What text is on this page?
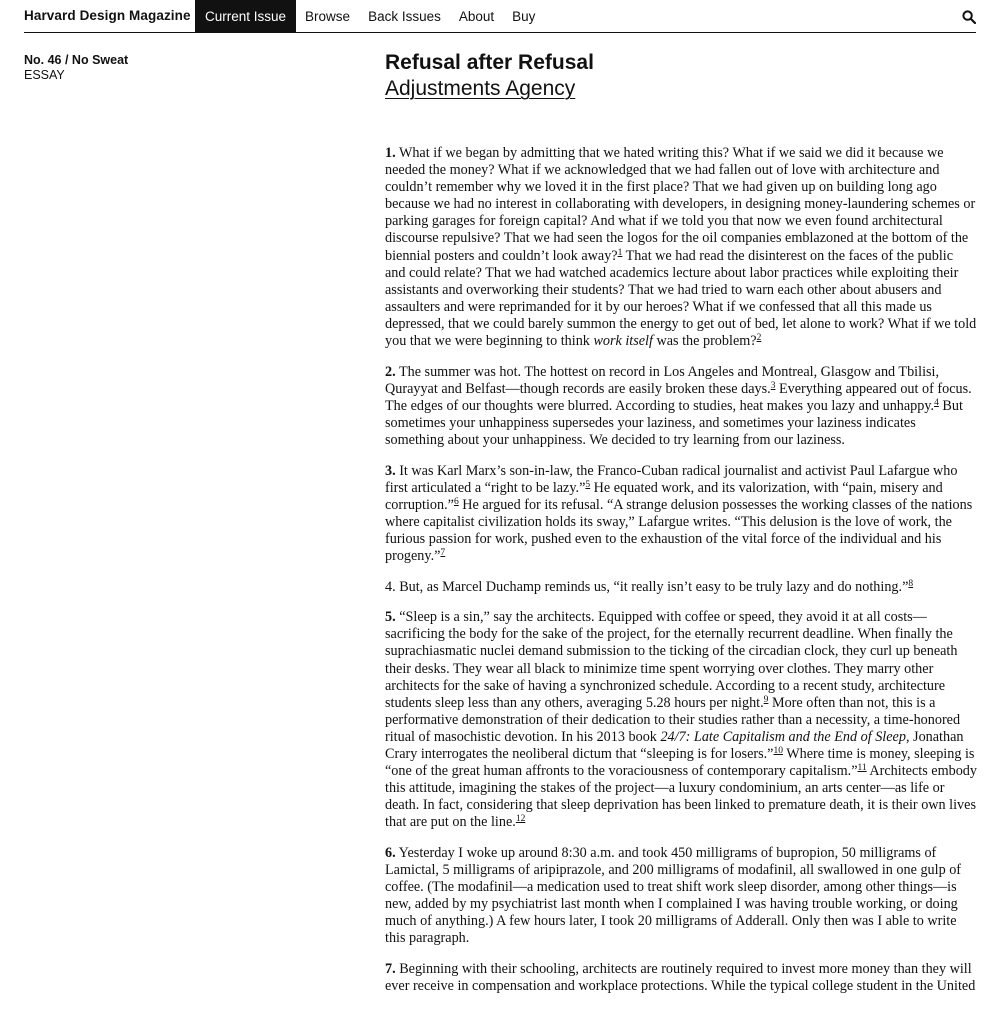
Harvard Design Magazine	Current Issue	Browse	Back Issues	About	Buy
No. 46 / No Sweat
ESSAY
Refusal after Refusal
Adjustments Agency

1. What if we began by admitting that we hated writing this? What if we said we did it because we needed the money? What if we acknowledged that we had fallen out of love with architecture and couldn’t remember why we loved it in the first place? That we had given up on building long ago because we had no interest in collaborating with developers, in designing money-laundering schemes or parking garages for foreign capital? And what if we told you that now we even found architectural discourse repulsive? That we had seen the logos for the oil companies emblazoned at the bottom of the biennial posters and couldn’t look away?$^1$ That we had read the disinterest on the faces of the public and could relate? That we had watched academics lecture about labor practices while exploiting their assistants and overworking their students? That we had tried to warn each other about abusers and assaulters and were reprimanded for it by our heroes? What if we confessed that all this made us depressed, that we could barely summon the energy to get out of bed, let alone to work? What if we told you that we were beginning to think work itself was the problem?$^2$

2. The summer was hot. The hottest on record in Los Angeles and Montreal, Glasgow and Tbilisi, Qurayyat and Belfast—though records are easily broken these days.$^3$ Everything appeared out of focus. The edges of our thoughts were blurred. According to studies, heat makes you lazy and unhappy.$^4$ But sometimes your unhappiness supersedes your laziness, and sometimes your laziness indicates something about your unhappiness. We decided to try learning from our laziness.

3. It was Karl Marx’s son-in-law, the Franco-Cuban radical journalist and activist Paul Lafargue who first articulated a “right to be lazy.”$^5$ He equated work, and its valorization, with “pain, misery and corruption.”$^6$ He argued for its refusal. “A strange delusion possesses the working classes of the nations where capitalist civilization holds its sway,” Lafargue writes. “This delusion is the love of work, the furious passion for work, pushed even to the exhaustion of the vital force of the individual and his progeny.”$^7$

4. But, as Marcel Duchamp reminds us, “it really isn’t easy to be truly lazy and do nothing.”$^8$

5. “Sleep is a sin,” say the architects. Equipped with coffee or speed, they avoid it at all costs—sacrificing the body for the sake of the project, for the eternally recurrent deadline. When finally the suprachiasmatic nuclei demand submission to the ticking of the circadian clock, they curl up beneath their desks. They wear all black to minimize time spent worrying over clothes. They marry other architects for the sake of having a synchronized schedule. According to a recent study, architecture students sleep less than any others, averaging 5.28 hours per night.$^9$ More often than not, this is a performative demonstration of their dedication to their studies rather than a necessity, a time-honored ritual of masochistic devotion. In his 2013 book 24/7: Late Capitalism and the End of Sleep, Jonathan Crary interrogates the neoliberal dictum that “sleeping is for losers.”$^{10}$ Where time is money, sleeping is “one of the great human affronts to the voraciousness of contemporary capitalism.”$^{11}$ Architects embody this attitude, imagining the stakes of the project—a luxury condominium, an arts center—as life or death. In fact, considering that sleep deprivation has been linked to premature death, it is their own lives that are put on the line.$^{12}$

6. Yesterday I woke up around 8:30 a.m. and took 450 milligrams of bupropion, 50 milligrams of Lamictal, 5 milligrams of aripiprazole, and 200 milligrams of modafinil, all swallowed in one gulp of coffee. (The modafinil—a medication used to treat shift work sleep disorder, among other things—is new, added by my psychiatrist last month when I complained I was having trouble working, or doing much of anything.) A few hours later, I took 20 milligrams of Adderall. Only then was I able to write this paragraph.

7. Beginning with their schooling, architects are routinely required to invest more money than they will ever receive in compensation and workplace protections. While the typical college student in the United
